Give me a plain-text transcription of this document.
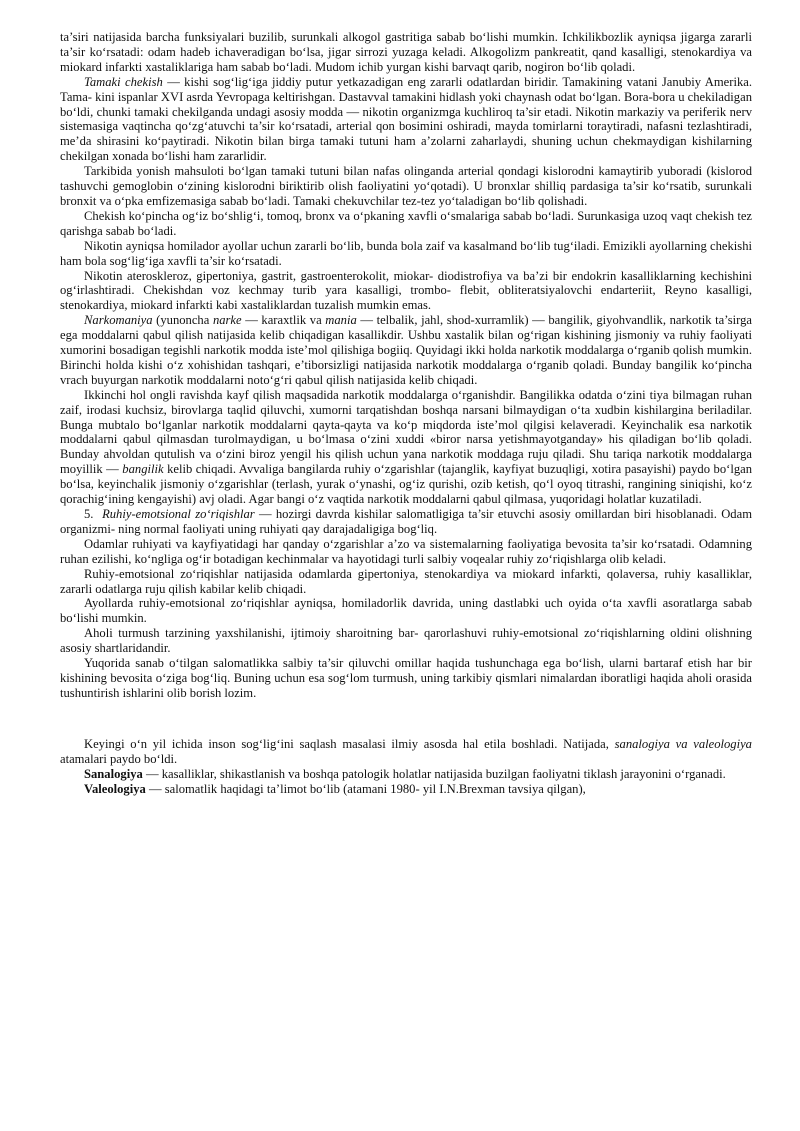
ta’siri natijasida barcha funksiyalari buzilib, surunkali alkogol gastritiga sabab bo‘lishi mumkin. Ichkilikbozlik ayniqsa jigarga zararli ta’sir ko‘rsatadi: odam hadeb ichaveradigan bo‘lsa, jigar sirrozi yuzaga keladi. Alkogolizm pankreatit, qand kasalligi, stenokardiya va miokard infarkti xastaliklariga ham sabab bo‘ladi. Mudom ichib yurgan kishi barvaqt qarib, nogiron bo‘lib qoladi.

Tamaki chekish — kishi sog‘lig‘iga jiddiy putur yetkazadigan eng zararli odatlardan biridir. Tamakining vatani Janubiy Amerika. Tama- kini ispanlar XVI asrda Yevropaga keltirishgan. Dastavval tamakini hidlash yoki chaynash odat bo‘lgan. Bora-bora u chekiladigan bo‘ldi, chunki tamaki chekilganda undagi asosiy modda — nikotin organizmga kuchliroq ta’sir etadi. Nikotin markaziy va periferik nerv sistemasiga vaqtincha qo‘zg‘atuvchi ta’sir ko‘rsatadi, arterial qon bosimini oshiradi, mayda tomirlarni toraytiradi, nafasni tezlashtiradi, me’da shirasini ko‘paytiradi. Nikotin bilan birga tamaki tutuni ham a’zolarni zaharlaydi, shuning uchun chekmaydigan kishilarning chekilgan xonada bo‘lishi ham zararlidir.

Tarkibida yonish mahsuloti bo‘lgan tamaki tutuni bilan nafas olinganda arterial qondagi kislorodni kamaytirib yuboradi (kislorod tashuvchi gemoglobin o‘zining kislorodni biriktirib olish faoliyatini yo‘qotadi). U bronxlar shilliq pardasiga ta’sir ko‘rsatib, surunkali bronxit va o‘pka emfizemasiga sabab bo‘ladi. Tamaki chekuvchilar tez-tez yo‘taladigan bo‘lib qolishadi.

Chekish ko‘pincha og‘iz bo‘shlig‘i, tomoq, bronx va o‘pkaning xavfli o‘smalariga sabab bo‘ladi. Surunkasiga uzoq vaqt chekish tez qarishga sabab bo‘ladi.

Nikotin ayniqsa homilador ayollar uchun zararli bo‘lib, bunda bola zaif va kasalmand bo‘lib tug‘iladi. Emizikli ayollarning chekishi ham bola sog‘lig‘iga xavfli ta’sir ko‘rsatadi.

Nikotin ateroskleroz, gipertoniya, gastrit, gastroenterokolit, miokar- diodistrofiya va ba’zi bir endokrin kasalliklarning kechishini og‘irlashtiradi. Chekishdan voz kechmay turib yara kasalligi, trombo- flebit, obliteratsiyalovchi endarteriit, Reyno kasalligi, stenokardiya, miokard infarkti kabi xastaliklardan tuzalish mumkin emas.

Narkomaniya (yunoncha narke — karaxtlik va mania — telbalik, jahl, shod-xurramlik) — bangilik, giyohvandlik, narkotik ta’sirga ega moddalarni qabul qilish natijasida kelib chiqadigan kasallikdir. Ushbu xastalik bilan og‘rigan kishining jismoniy va ruhiy faoliyati xumorini bosadigan tegishli narkotik modda iste’mol qilishiga bogiiq. Quyidagi ikki holda narkotik moddalarga o‘rganib qolish mumkin. Birinchi holda kishi o‘z xohishidan tashqari, e’tiborsizligi natijasida narkotik moddalarga o‘rganib qoladi. Bunday bangilik ko‘pincha vrach buyurgan narkotik moddalarni noto‘g‘ri qabul qilish natijasida kelib chiqadi.

Ikkinchi hol ongli ravishda kayf qilish maqsadida narkotik moddalarga o‘rganishdir. Bangilikka odatda o‘zini tiya bilmagan ruhan zaif, irodasi kuchsiz, birovlarga taqlid qiluvchi, xumorni tarqatishdan boshqa narsani bilmaydigan o‘ta xudbin kishilargina beriladilar. Bunga mubtalo bo‘lganlar narkotik moddalarni qayta-qayta va ko‘p miqdorda iste’mol qilgisi kelaveradi. Keyinchalik esa narkotik moddalarni qabul qilmasdan turolmaydigan, u bo‘lmasa o‘zini xuddi «biror narsa yetishmayotganday» his qiladigan bo‘lib qoladi. Bunday ahvoldan qutulish va o‘zini biroz yengil his qilish uchun yana narkotik moddaga ruju qiladi. Shu tariqa narkotik moddalarga moyillik — bangilik kelib chiqadi. Avvaliga bangilarda ruhiy o‘zgarishlar (tajanglik, kayfiyat buzuqligi, xotira pasayishi) paydo bo‘lgan bo‘lsa, keyinchalik jismoniy o‘zgarishlar (terlash, yurak o‘ynashi, og‘iz qurishi, ozib ketish, qo‘l oyoq titrashi, rangining siniqishi, ko‘z qorachig‘ining kengayishi) avj oladi. Agar bangi o‘z vaqtida narkotik moddalarni qabul qilmasa, yuqoridagi holatlar kuzatiladi.

5. Ruhiy-emotsional zo‘riqishlar — hozirgi davrda kishilar salomatligiga ta’sir etuvchi asosiy omillardan biri hisoblanadi. Odam organizmi- ning normal faoliyati uning ruhiyati qay darajadaligiga bog‘liq.

Odamlar ruhiyati va kayfiyatidagi har qanday o‘zgarishlar a’zo va sistemalarning faoliyatiga bevosita ta’sir ko‘rsatadi. Odamning ruhan ezilishi, ko‘ngliga og‘ir botadigan kechinmalar va hayotidagi turli salbiy voqealar ruhiy zo‘riqishlarga olib keladi.

Ruhiy-emotsional zo‘riqishlar natijasida odamlarda gipertoniya, stenokardiya va miokard infarkti, qolaversa, ruhiy kasalliklar, zararli odatlarga ruju qilish kabilar kelib chiqadi.

Ayollarda ruhiy-emotsional zo‘riqishlar ayniqsa, homiladorlik davrida, uning dastlabki uch oyida o‘ta xavfli asoratlarga sabab bo‘lishi mumkin.

Aholi turmush tarzining yaxshilanishi, ijtimoiy sharoitning bar- qarorlashuvi ruhiy-emotsional zo‘riqishlarning oldini olishning asosiy shartlaridandir.

Yuqorida sanab o‘tilgan salomatlikka salbiy ta’sir qiluvchi omillar haqida tushunchaga ega bo‘lish, ularni bartaraf etish har bir kishining bevosita o‘ziga bog‘liq. Buning uchun esa sog‘lom turmush, uning tarkibiy qismlari nimalardan iboratligi haqida aholi orasida tushuntirish ishlarini olib borish lozim.

Keyingi o‘n yil ichida inson sog‘lig‘ini saqlash masalasi ilmiy asosda hal etila boshladi. Natijada, sanalogiya va valeologiya atamalari paydo bo‘ldi.

Sanalogiya — kasalliklar, shikastlanish va boshqa patologik holatlar natijasida buzilgan faoliyatni tiklash jarayonini o‘rganadi.

Valeologiya — salomatlik haqidagi ta’limot bo‘lib (atamani 1980- yil I.N.Brexman tavsiya qilgan),
